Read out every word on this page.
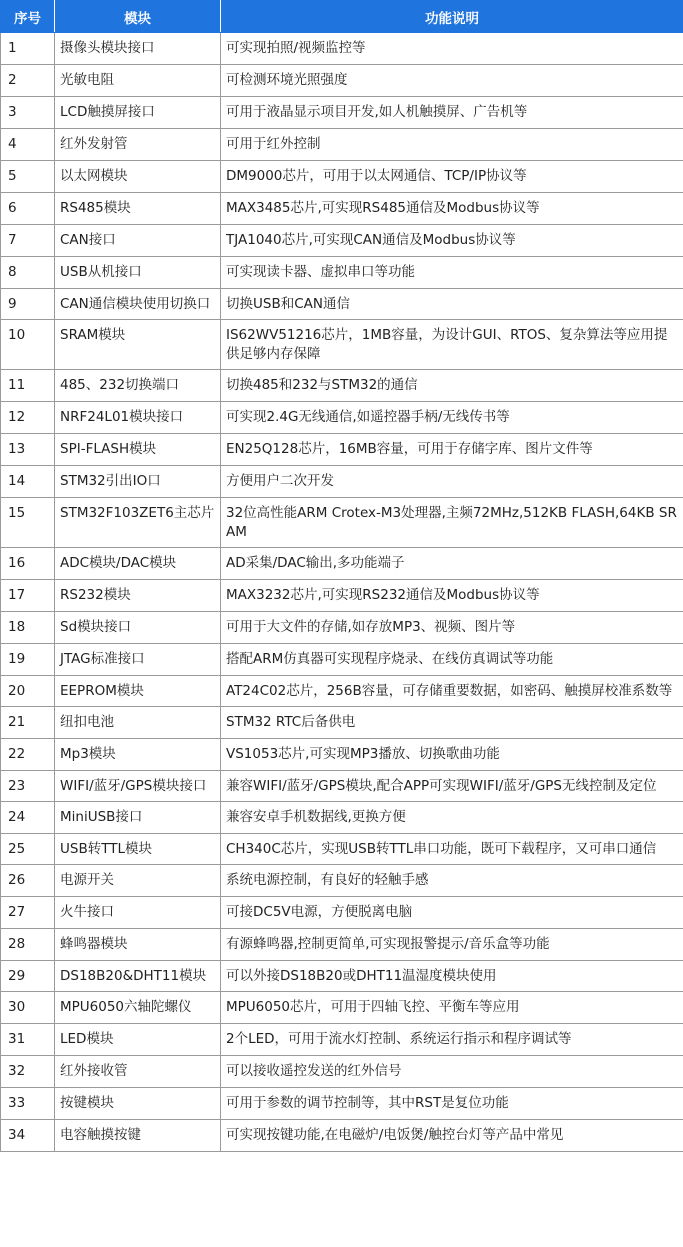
序号	模块	功能说明
1	摄像头模块接口	可实现拍照/视频监控等
2	光敏电阻	可检测环境光照强度
3	LCD触摸屏接口	可用于液晶显示项目开发,如人机触摸屏、广告机等
4	红外发射管	可用于红外控制
5	以太网模块	DM9000芯片，可用于以太网通信、TCP/IP协议等
6	RS485模块	MAX3485芯片,可实现RS485通信及Modbus协议等
7	CAN接口	TJA1040芯片,可实现CAN通信及Modbus协议等
8	USB从机接口	可实现读卡器、虚拟串口等功能
9	CAN通信模块使用切换口	切换USB和CAN通信
10	SRAM模块	IS62WV51216芯片，1MB容量，为设计GUI、RTOS、复杂算法等应用提供足够内存保障
11	485、232切换端口	切换485和232与STM32的通信
12	NRF24L01模块接口	可实现2.4G无线通信,如遥控器手柄/无线传书等
13	SPI-FLASH模块	EN25Q128芯片，16MB容量，可用于存储字库、图片文件等
14	STM32引出IO口	方便用户二次开发
15	STM32F103ZET6主芯片	32位高性能ARM Crotex-M3处理器,主频72MHz,512KB FLASH,64KB SRAM
16	ADC模块/DAC模块	AD采集/DAC输出,多功能端子
17	RS232模块	MAX3232芯片,可实现RS232通信及Modbus协议等
18	Sd模块接口	可用于大文件的存储,如存放MP3、视频、图片等
19	JTAG标准接口	搭配ARM仿真器可实现程序烧录、在线仿真调试等功能
20	EEPROM模块	AT24C02芯片，256B容量，可存储重要数据，如密码、触摸屏校准系数等
21	纽扣电池	STM32 RTC后备供电
22	Mp3模块	VS1053芯片,可实现MP3播放、切换歌曲功能
23	WIFI/蓝牙/GPS模块接口	兼容WIFI/蓝牙/GPS模块,配合APP可实现WIFI/蓝牙/GPS无线控制及定位
24	MiniUSB接口	兼容安卓手机数据线,更换方便
25	USB转TTL模块	CH340C芯片，实现USB转TTL串口功能，既可下载程序，又可串口通信
26	电源开关	系统电源控制，有良好的轻触手感
27	火牛接口	可接DC5V电源，方便脱离电脑
28	蜂鸣器模块	有源蜂鸣器,控制更简单,可实现报警提示/音乐盒等功能
29	DS18B20&DHT11模块	可以外接DS18B20或DHT11温湿度模块使用
30	MPU6050六轴陀螺仪	MPU6050芯片，可用于四轴飞控、平衡车等应用
31	LED模块	2个LED，可用于流水灯控制、系统运行指示和程序调试等
32	红外接收管	可以接收遥控发送的红外信号
33	按键模块	可用于参数的调节控制等，其中RST是复位功能
34	电容触摸按键	可实现按键功能,在电磁炉/电饭煲/触控台灯等产品中常见
